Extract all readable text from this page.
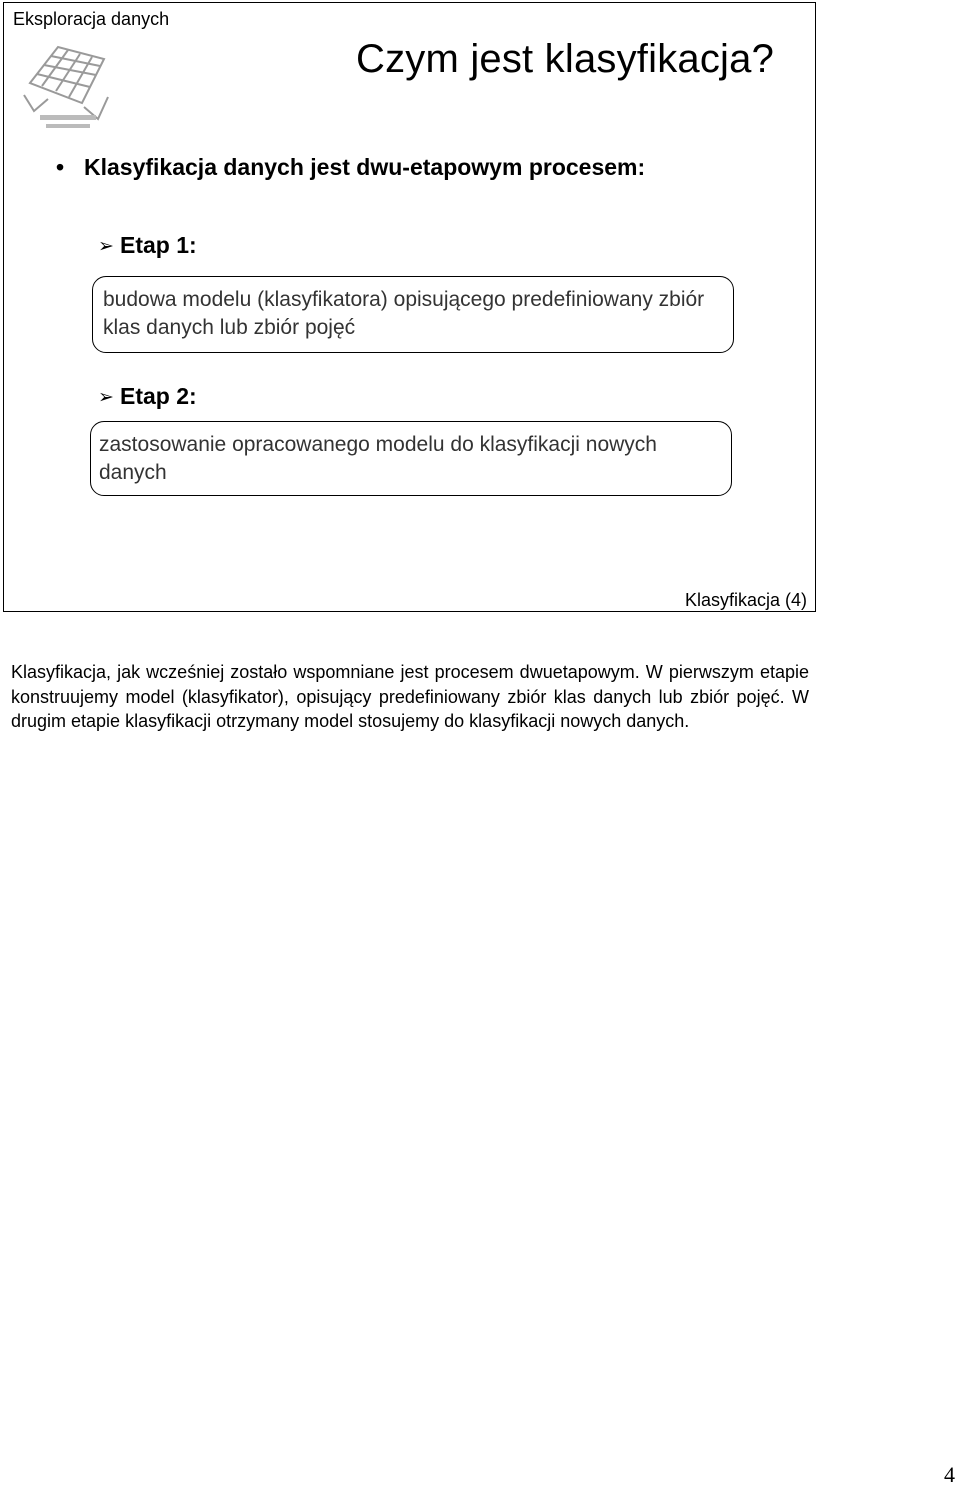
Eksploracja danych
Czym jest klasyfikacja?
• Klasyfikacja danych jest dwu-etapowym procesem:
➢ Etap 1:
budowa modelu (klasyfikatora) opisującego predefiniowany zbiór klas danych lub zbiór pojęć
➢ Etap 2:
zastosowanie opracowanego modelu do klasyfikacji nowych danych
Klasyfikacja (4)

Klasyfikacja, jak wcześniej zostało wspomniane jest procesem dwuetapowym. W pierwszym etapie konstruujemy model (klasyfikator), opisujący predefiniowany zbiór klas danych lub zbiór pojęć. W drugim etapie klasyfikacji otrzymany model stosujemy do klasyfikacji nowych danych.

4
